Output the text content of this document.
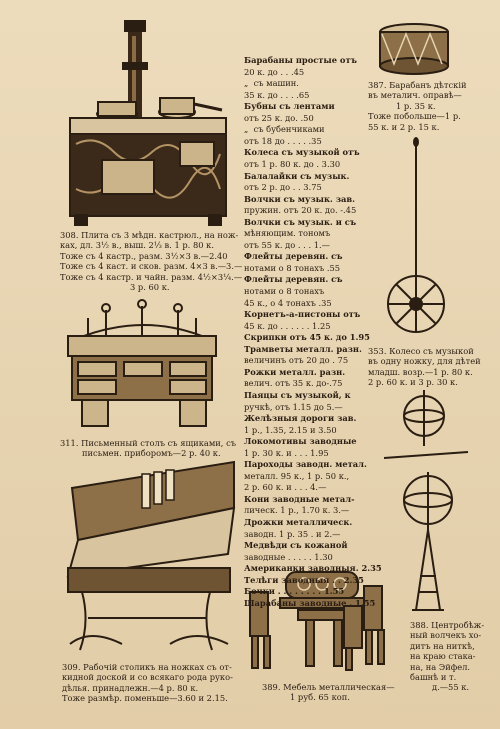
Барабаны простые отъ
20 к. до . . .45
„  съ машин.
35 к. до . . . .65
Бубны съ лентами
отъ 25 к. до. .50
„  съ бубенчиками
отъ 18 до . . . . .35
Колеса съ музыкой отъ
отъ 1 р. 80 к. до . 3.30
Балалайки съ музык.
отъ 2 р. до . . 3.75
Волчки съ музык. зав.
пружин. отъ 20 к. до. -.45
Волчки съ музык. и съ
мѣняющим. тономъ
отъ 55 к. до . . . 1.—
Флейты деревян. съ
нотами о 8 тонахъ .55
Флейты деревян. съ
нотами о 8 тонахъ
45 к., о 4 тонахъ .35
Корнетъ-а-пистоны отъ
45 к. до . . . . . . 1.25
Скрипки отъ 45 к. до 1.95
Трамветы металл. разн.
величинъ отъ 20 до . 75
Рожки металл. разн.
велич. отъ 35 к. до-.75
Паяцы съ музыкой, к
ручкѣ, отъ 1.15 до 5.—
Желѣзныя дороги зав.
1 р., 1.35, 2.15 и 3.50
Локомотивы заводные
1 р. 30 к. и . . . 1.95
Пароходы заводн. метал.
металл. 95 к., 1 р. 50 к.,
2 р. 60 к. и . . . 4.—
Кони заводные метал-
лическ. 1 р., 1.70 к. 3.—
Дрожки металлическ.
заводн. 1 р. 35 . и 2.—
Медвѣди съ кожаной
заводные . . . . . 1.30
Американки заводныя. 2.35
Телѣги заводныя . . 2.35
Бочки . . . . . . . . 1.55
Шарабаны заводные . 1.55
308. Плита съ 3 мѣдн. кастрюл., на нож-
ках, дл. 3½ в., выш. 2⅓ в. 1 р. 80 к.
Тоже съ 4 кастр., разм. 3½×3 в.—2.40
Тоже съ 4 каст. и сков. разм. 4×3 в.—3.—
Тоже съ 4 кастр. и чайн. разм. 4½×3¼.—
3 р. 60 к.
311. Письменный столъ съ ящиками, съ
письмен. приборомъ—2 р. 40 к.
309. Рабочій столикъ на ножках съ от-
кидной доской и со всякаго рода руко-
дѣлья. принадлежн.—4 р. 80 к.
Тоже размѣр. поменьше—3.60 и 2.15.
389. Мебель металлическая—
1 руб. 65 коп.
387. Барабанъ дѣтскій
въ металич. оправѣ—
1 р. 35 к.
Тоже побольше—1 р.
55 к. и 2 р. 15 к.
353. Колесо съ музыкой
въ одну ножку, для дѣтей
младш. возр.—1 р. 80 к.
2 р. 60 к. и 3 р. 30 к.
388. Центробѣж-
ный волчекъ хо-
дитъ на ниткѣ,
на краю стака-
на, на Эйфел.
башнѣ и т.
д.—55 к.
